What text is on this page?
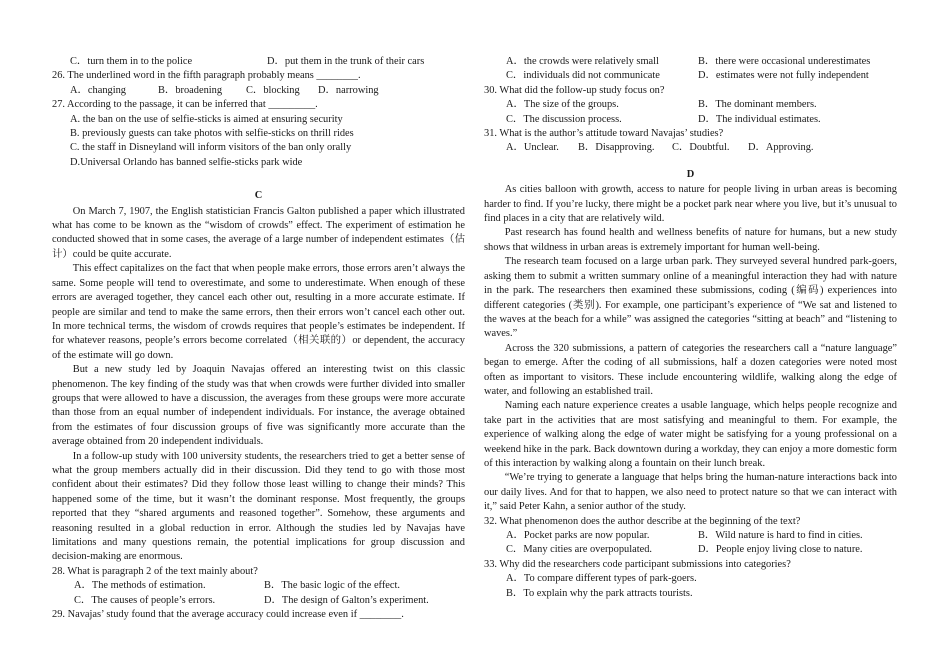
C．turn them in to the police	D．put them in the trunk of their cars
26. The underlined word in the fifth paragraph probably means ________.
A．changing	B．broadening C．blocking D．narrowing
27. According to the passage, it can be inferred that _________.
A. the ban on the use of selfie-sticks is aimed at ensuring security
B. previously guests can take photos with selfie-sticks on thrill rides
C. the staff in Disneyland will inform visitors of the ban only orally
D.Universal Orlando has banned selfie-sticks park wide
C

On March 7, 1907, the English statistician Francis Galton published a paper which illustrated what has come to be known as the “wisdom of crowds” effect. The experiment of estimation he conducted showed that in some cases, the average of a large number of independent estimates（估计）could be quite accurate.

This effect capitalizes on the fact that when people make errors, those errors aren’t always the same. Some people will tend to overestimate, and some to underestimate. When enough of these errors are averaged together, they cancel each other out, resulting in a more accurate estimate. If people are similar and tend to make the same errors, then their errors won’t cancel each other out. In more technical terms, the wisdom of crowds requires that people’s estimates be independent. If for whatever reasons, people’s errors become correlated（相关联的）or dependent, the accuracy of the estimate will go down.

But a new study led by Joaquin Navajas offered an interesting twist on this classic phenomenon. The key finding of the study was that when crowds were further divided into smaller groups that were allowed to have a discussion, the averages from these groups were more accurate than those from an equal number of independent individuals. For instance, the average obtained from the estimates of four discussion groups of five was significantly more accurate than the average obtained from 20 independent individuals.

In a follow-up study with 100 university students, the researchers tried to get a better sense of what the group members actually did in their discussion. Did they tend to go with those most confident about their estimates? Did they follow those least willing to change their minds? This happened some of the time, but it wasn’t the dominant response. Most frequently, the groups reported that they “shared arguments and reasoned together”. Somehow, these arguments and reasoning resulted in a global reduction in error. Although the studies led by Navajas have limitations and many questions remain, the potential implications for group discussion and decision-making are enormous.

28. What is paragraph 2 of the text mainly about?
A．The methods of estimation.	B．The basic logic of the effect.
C．The causes of people’s errors.	D．The design of Galton’s experiment.
29. Navajas’ study found that the average accuracy could increase even if ________.
A．the crowds were relatively small	B．there were occasional underestimates
C．individuals did not communicate	D．estimates were not fully independent
30. What did the follow-up study focus on?
A．The size of the groups.	B．The dominant members.
C．The discussion process.	D．The individual estimates.
31. What is the author’s attitude toward Navajas’ studies?
A．Unclear. B．Disapproving. C．Doubtful. D．Approving.
D

As cities balloon with growth, access to nature for people living in urban areas is becoming harder to find. If you’re lucky, there might be a pocket park near where you live, but it’s unusual to find places in a city that are relatively wild.

Past research has found health and wellness benefits of nature for humans, but a new study shows that wildness in urban areas is extremely important for human well-being.

The research team focused on a large urban park. They surveyed several hundred park-goers, asking them to submit a written summary online of a meaningful interaction they had with nature in the park. The researchers then examined these submissions, coding (编码) experiences into different categories (类别). For example, one participant’s experience of “We sat and listened to the waves at the beach for a while” was assigned the categories “sitting at beach” and “listening to waves.”

Across the 320 submissions, a pattern of categories the researchers call a “nature language” began to emerge. After the coding of all submissions, half a dozen categories were noted most often as important to visitors. These include encountering wildlife, walking along the edge of water, and following an established trail.

Naming each nature experience creates a usable language, which helps people recognize and take part in the activities that are most satisfying and meaningful to them. For example, the experience of walking along the edge of water might be satisfying for a young professional on a weekend hike in the park. Back downtown during a workday, they can enjoy a more domestic form of this interaction by walking along a fountain on their lunch break.

“We’re trying to generate a language that helps bring the human-nature interactions back into our daily lives. And for that to happen, we also need to protect nature so that we can interact with it,” said Peter Kahn, a senior author of the study.

32. What phenomenon does the author describe at the beginning of the text?
A．Pocket parks are now popular.	B．Wild nature is hard to find in cities.
C．Many cities are overpopulated.	D．People enjoy living close to nature.
33. Why did the researchers code participant submissions into categories?
A．To compare different types of park-goers.
B．To explain why the park attracts tourists.
